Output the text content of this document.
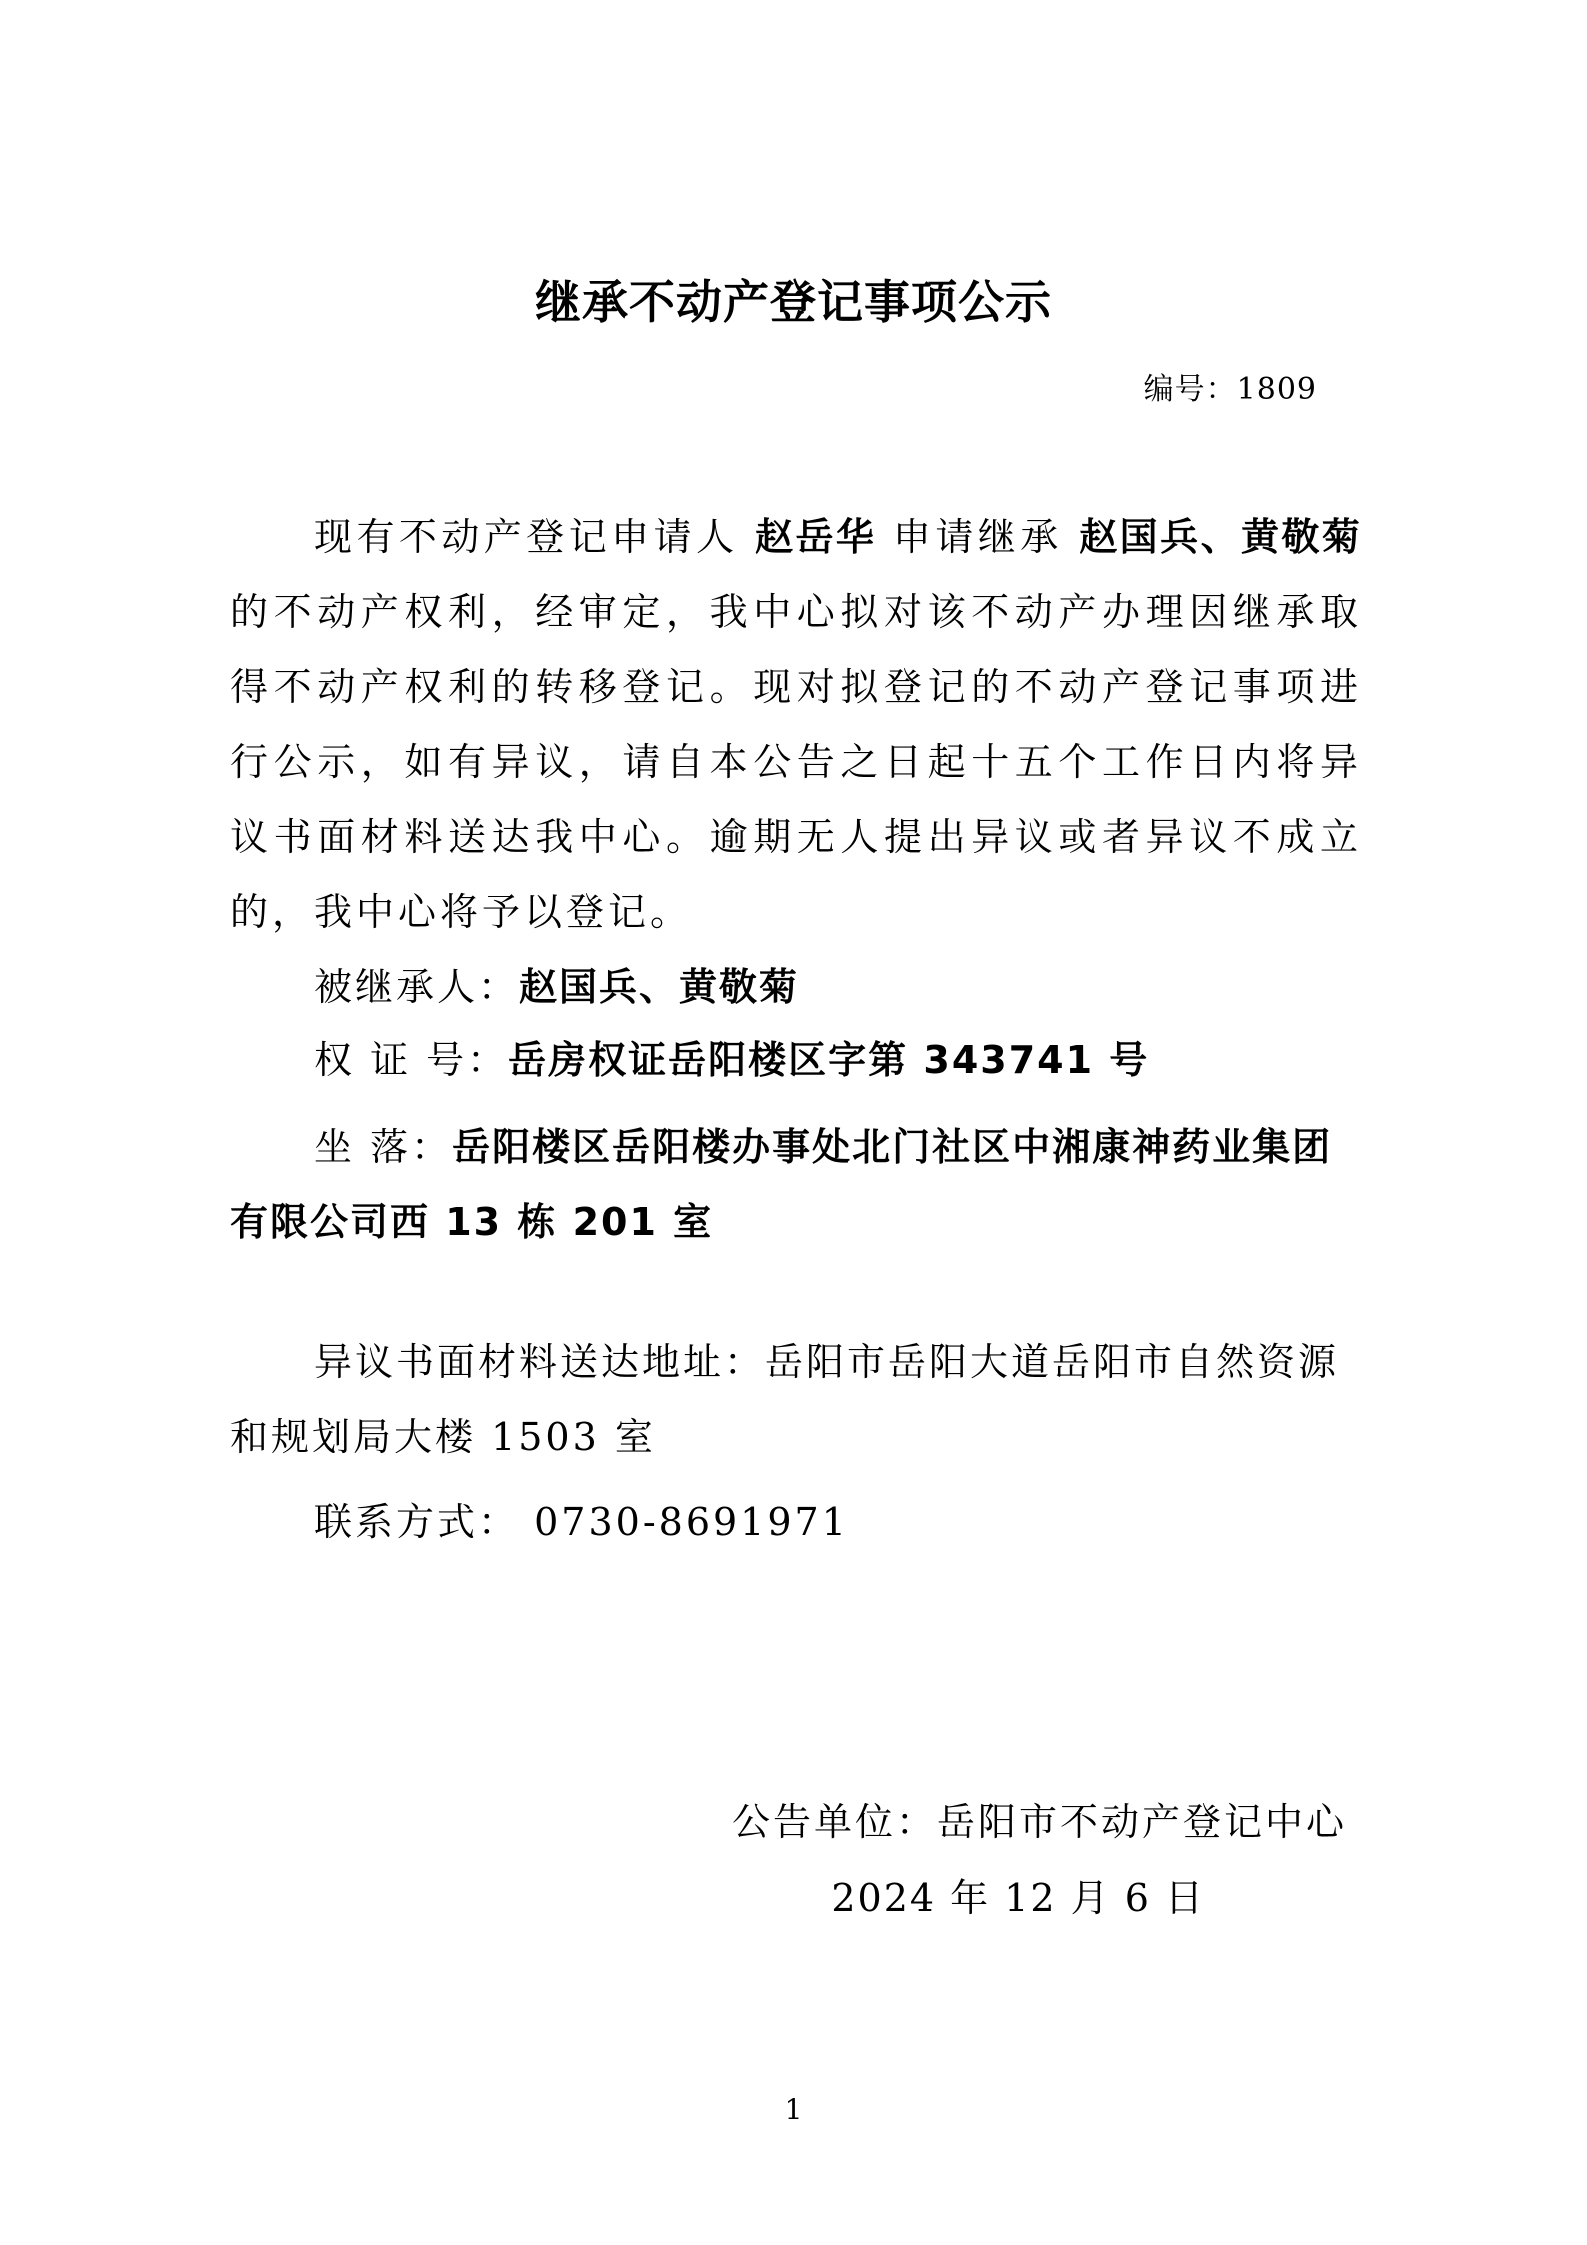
继承不动产登记事项公示
编号：1809
现有不动产登记申请人 赵岳华 申请继承 赵国兵、黄敬菊的不动产权利，经审定，我中心拟对该不动产办理因继承取得不动产权利的转移登记。现对拟登记的不动产登记事项进行公示，如有异议，请自本公告之日起十五个工作日内将异议书面材料送达我中心。逾期无人提出异议或者异议不成立的，我中心将予以登记。
被继承人：赵国兵、黄敬菊
权 证 号：岳房权证岳阳楼区字第 343741 号
坐 落：岳阳楼区岳阳楼办事处北门社区中湘康神药业集团有限公司西 13 栋 201 室
异议书面材料送达地址：岳阳市岳阳大道岳阳市自然资源和规划局大楼 1503 室
联系方式： 0730-8691971
公告单位：岳阳市不动产登记中心
2024 年 12 月 6 日
1
